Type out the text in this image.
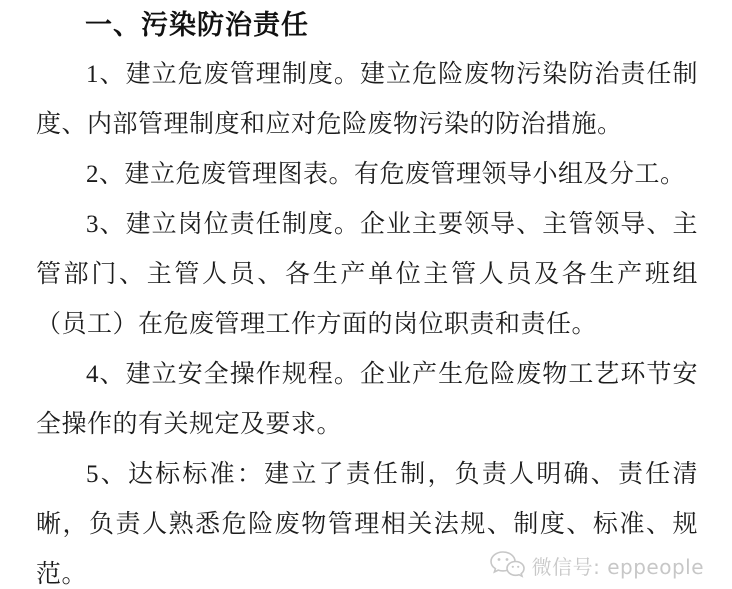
一、污染防治责任

1、建立危废管理制度。建立危险废物污染防治责任制度、内部管理制度和应对危险废物污染的防治措施。

2、建立危废管理图表。有危废管理领导小组及分工。

3、建立岗位责任制度。企业主要领导、主管领导、主管部门、主管人员、各生产单位主管人员及各生产班组（员工）在危废管理工作方面的岗位职责和责任。

4、建立安全操作规程。企业产生危险废物工艺环节安全操作的有关规定及要求。

5、达标标准：建立了责任制，负责人明确、责任清晰，负责人熟悉危险废物管理相关法规、制度、标准、规范。	微信号: eppeople
